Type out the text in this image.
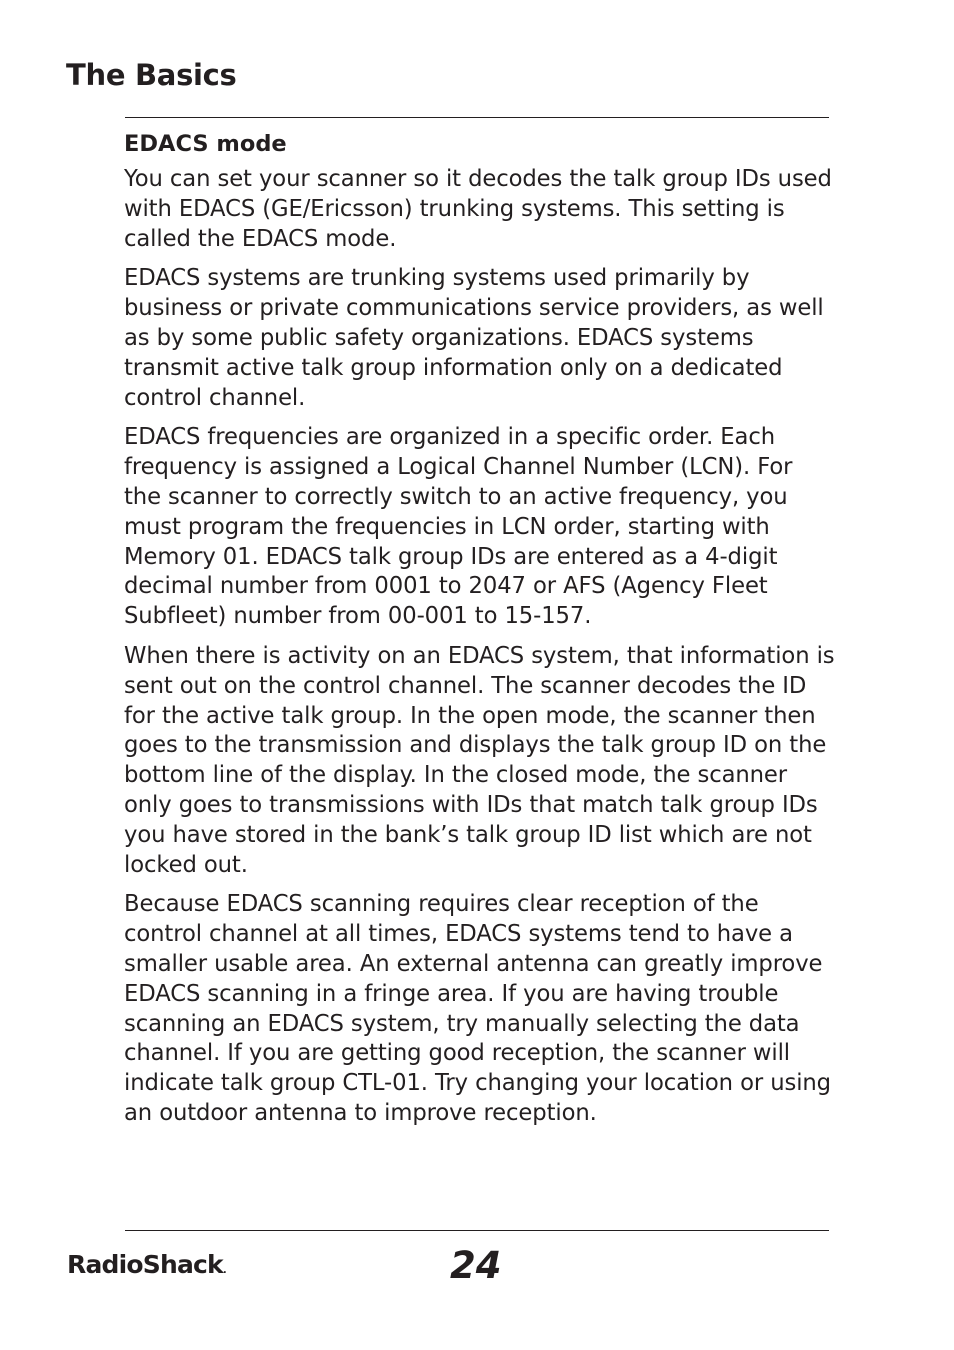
The Basics
EDACS mode

You can set your scanner so it decodes the talk group IDs used with EDACS (GE/Ericsson) trunking systems. This setting is called the EDACS mode.

EDACS systems are trunking systems used primarily by business or private communications service providers, as well as by some public safety organizations. EDACS systems transmit active talk group information only on a dedicated control channel.

EDACS frequencies are organized in a specific order. Each frequency is assigned a Logical Channel Number (LCN). For the scanner to correctly switch to an active frequency, you must program the frequencies in LCN order, starting with Memory 01. EDACS talk group IDs are entered as a 4-digit decimal number from 0001 to 2047 or AFS (Agency Fleet Subfleet) number from 00-001 to 15-157.

When there is activity on an EDACS system, that information is sent out on the control channel. The scanner decodes the ID for the active talk group. In the open mode, the scanner then goes to the transmission and displays the talk group ID on the bottom line of the display. In the closed mode, the scanner only goes to transmissions with IDs that match talk group IDs you have stored in the bank’s talk group ID list which are not locked out.

Because EDACS scanning requires clear reception of the control channel at all times, EDACS systems tend to have a smaller usable area. An external antenna can greatly improve EDACS scanning in a fringe area. If you are having trouble scanning an EDACS system, try manually selecting the data channel. If you are getting good reception, the scanner will indicate talk group CTL-01. Try changing your location or using an outdoor antenna to improve reception.

RadioShack.	24
